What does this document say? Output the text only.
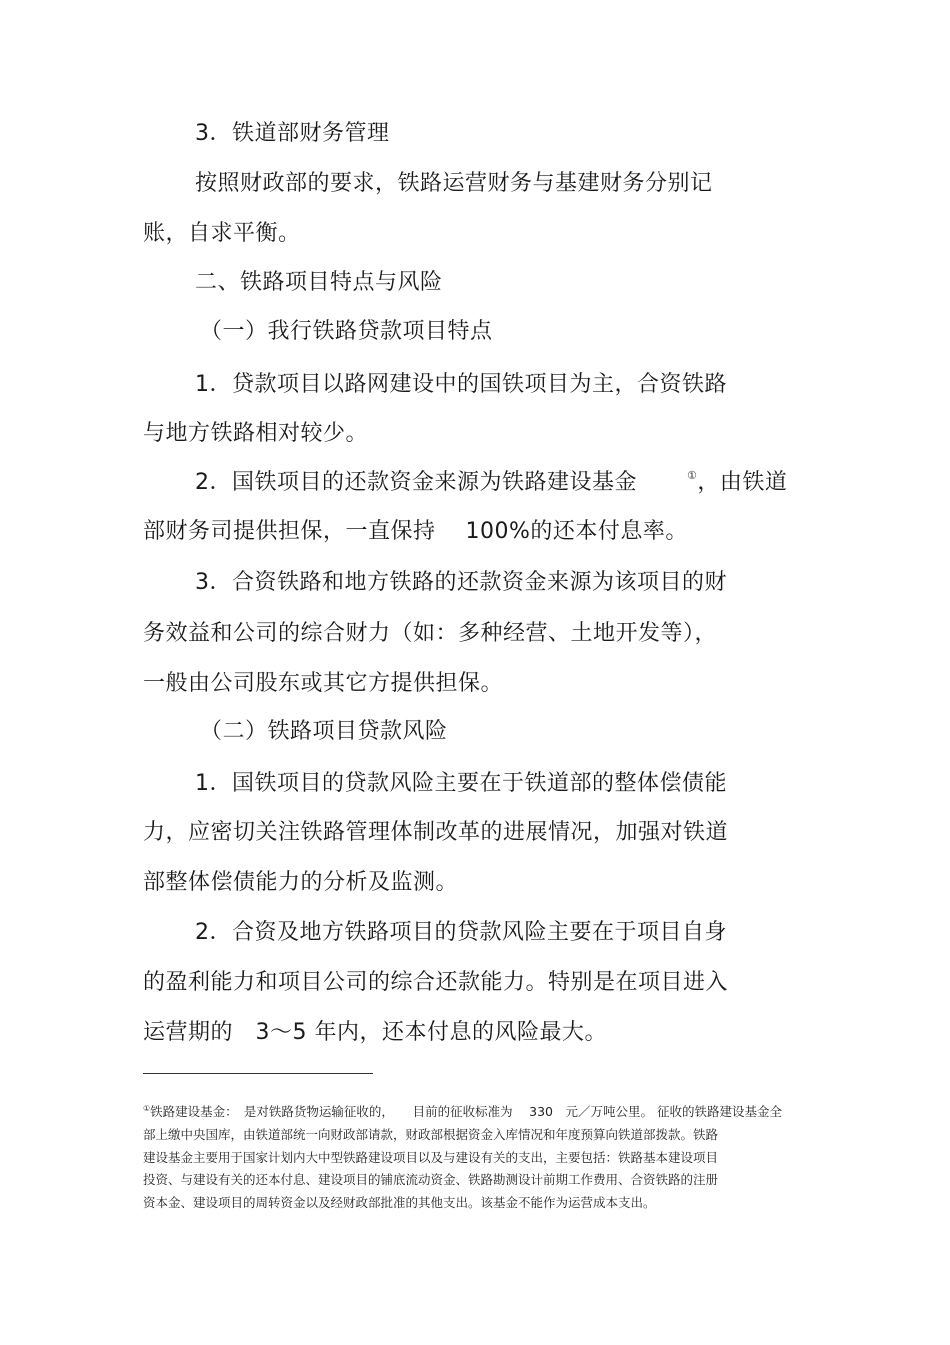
3．铁道部财务管理
按照财政部的要求，铁路运营财务与基建财务分别记
账，自求平衡。
二、铁路项目特点与风险
（一）我行铁路贷款项目特点
1．贷款项目以路网建设中的国铁项目为主，合资铁路
与地方铁路相对较少。
2．国铁项目的还款资金来源为铁路建设基金	①，由铁道
部财务司提供担保，一直保持　 100%的还本付息率。
3．合资铁路和地方铁路的还款资金来源为该项目的财
务效益和公司的综合财力（如：多种经营、土地开发等），
一般由公司股东或其它方提供担保。
（二）铁路项目贷款风险
1．国铁项目的贷款风险主要在于铁道部的整体偿债能
力，应密切关注铁路管理体制改革的进展情况，加强对铁道
部整体偿债能力的分析及监测。
2．合资及地方铁路项目的贷款风险主要在于项目自身
的盈利能力和项目公司的综合还款能力。特别是在项目进入
运营期的　3～5 年内，还本付息的风险最大。
①铁路建设基金：　是对铁路货物运输征收的，　　目前的征收标准为　 330　元／万吨公里。 征收的铁路建设基金全
部上缴中央国库，由铁道部统一向财政部请款，财政部根据资金入库情况和年度预算向铁道部拨款。铁路
建设基金主要用于国家计划内大中型铁路建设项目以及与建设有关的支出，主要包括：铁路基本建设项目
投资、与建设有关的还本付息、建设项目的铺底流动资金、铁路勘测设计前期工作费用、合资铁路的注册
资本金、建设项目的周转资金以及经财政部批准的其他支出。该基金不能作为运营成本支出。
